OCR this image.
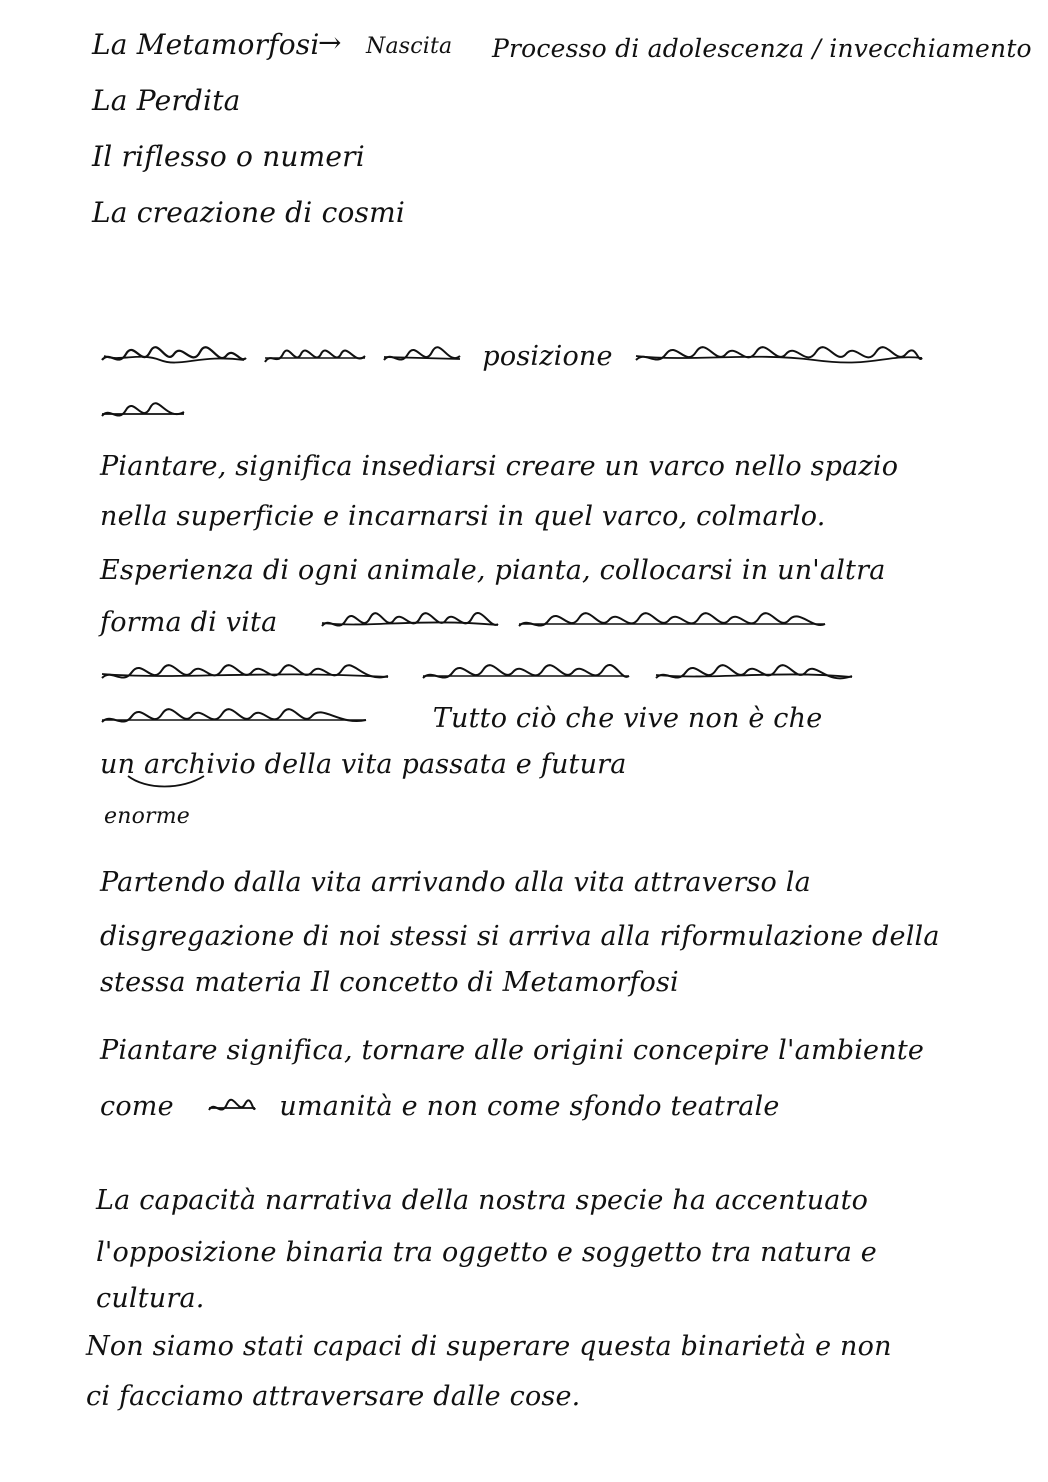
La Metamorfosi
→ Nascita Processo di adolescenza / invecchiamento
La Perdita
Il riflesso o numeri
La creazione di cosmi

posizione
Piantare, significa insediarsi creare un varco nello spazio
nella superficie e incarnarsi in quel varco, colmarlo.
Esperienza di ogni animale, pianta, collocarsi in un'altra
forma di vita

Tutto ciò che vive non è che
un archivio della vita passata e futura
enorme
Partendo dalla vita arrivando alla vita attraverso la
disgregazione di noi stessi si arriva alla riformulazione della
stessa materia Il concetto di Metamorfosi
Piantare significa, tornare alle origini concepire l'ambiente
come	umanità e non come sfondo teatrale
La capacità narrativa della nostra specie ha accentuato
l'opposizione binaria tra oggetto e soggetto tra natura e
cultura.
Non siamo stati capaci di superare questa binarietà e non
ci facciamo attraversare dalle cose.
